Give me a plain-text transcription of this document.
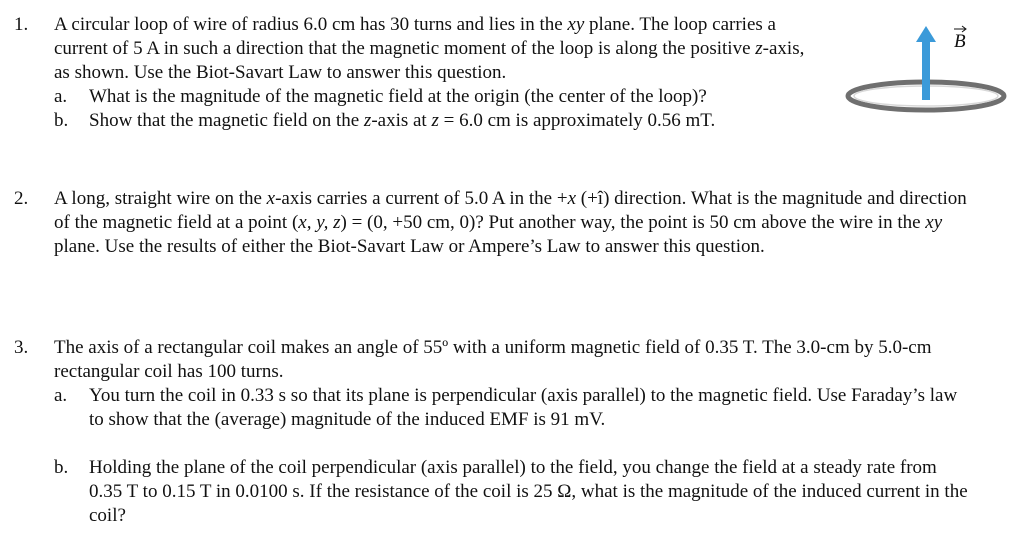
1. A circular loop of wire of radius 6.0 cm has 30 turns and lies in the xy plane. The loop carries a current of 5 A in such a direction that the magnetic moment of the loop is along the positive z-axis, as shown. Use the Biot-Savart Law to answer this question.
a. What is the magnitude of the magnetic field at the origin (the center of the loop)?
b. Show that the magnetic field on the z-axis at z = 6.0 cm is approximately 0.56 mT.
B
2. A long, straight wire on the x-axis carries a current of 5.0 A in the +x (+î) direction. What is the magnitude and direction of the magnetic field at a point (x, y, z) = (0, +50 cm, 0)? Put another way, the point is 50 cm above the wire in the xy plane. Use the results of either the Biot-Savart Law or Ampere’s Law to answer this question.
3. The axis of a rectangular coil makes an angle of 55º with a uniform magnetic field of 0.35 T. The 3.0-cm by 5.0-cm rectangular coil has 100 turns.
a. You turn the coil in 0.33 s so that its plane is perpendicular (axis parallel) to the magnetic field. Use Faraday’s law to show that the (average) magnitude of the induced EMF is 91 mV.
b. Holding the plane of the coil perpendicular (axis parallel) to the field, you change the field at a steady rate from 0.35 T to 0.15 T in 0.0100 s. If the resistance of the coil is 25 Ω, what is the magnitude of the induced current in the coil?
